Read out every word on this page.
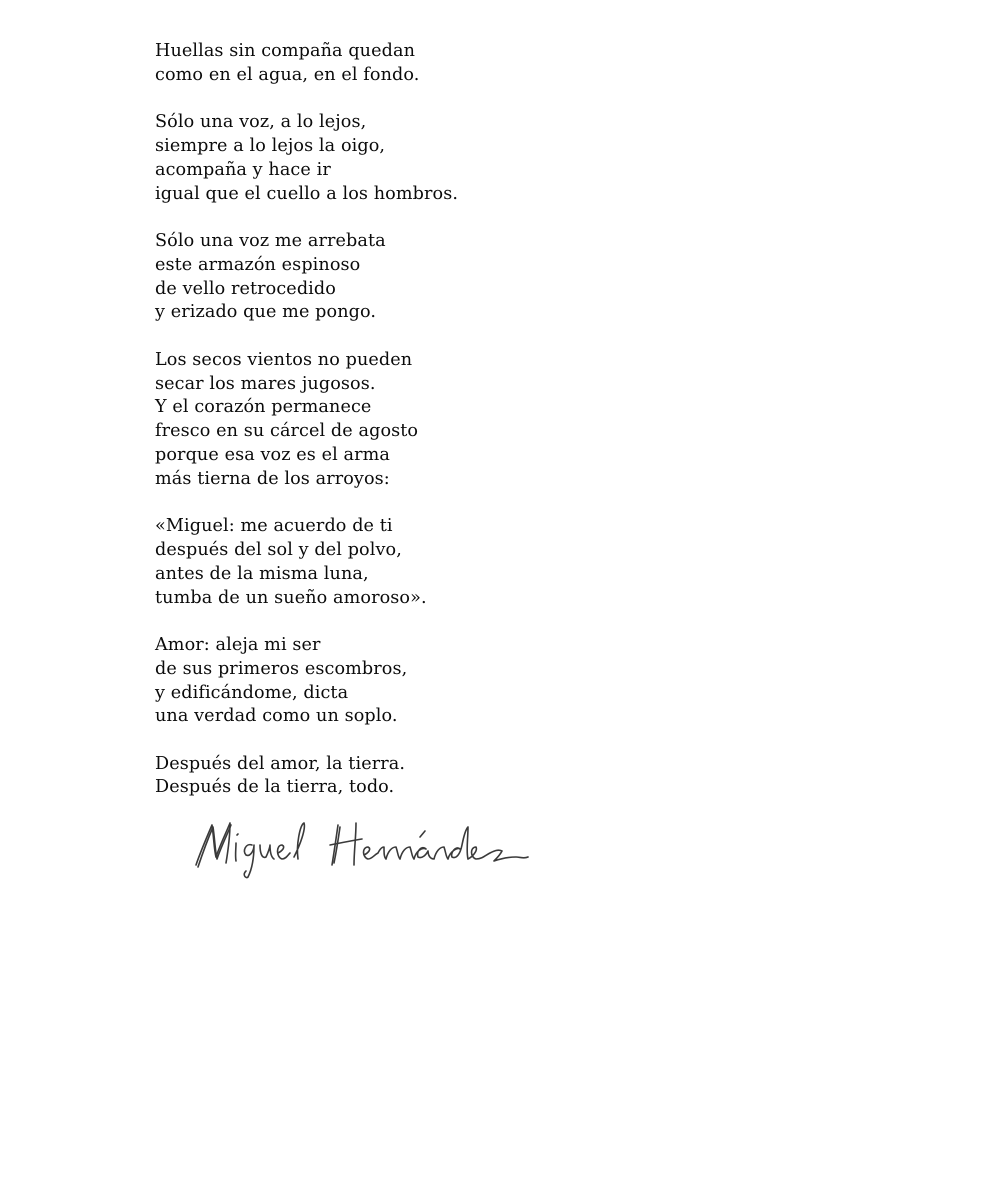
Huellas sin compaña quedan
como en el agua, en el fondo.
Sólo una voz, a lo lejos,
siempre a lo lejos la oigo,
acompaña y hace ir
igual que el cuello a los hombros.
Sólo una voz me arrebata
este armazón espinoso
de vello retrocedido
y erizado que me pongo.
Los secos vientos no pueden
secar los mares jugosos.
Y el corazón permanece
fresco en su cárcel de agosto
porque esa voz es el arma
más tierna de los arroyos:
«Miguel: me acuerdo de ti
después del sol y del polvo,
antes de la misma luna,
tumba de un sueño amoroso».
Amor: aleja mi ser
de sus primeros escombros,
y edificándome, dicta
una verdad como un soplo.
Después del amor, la tierra.
Después de la tierra, todo.
